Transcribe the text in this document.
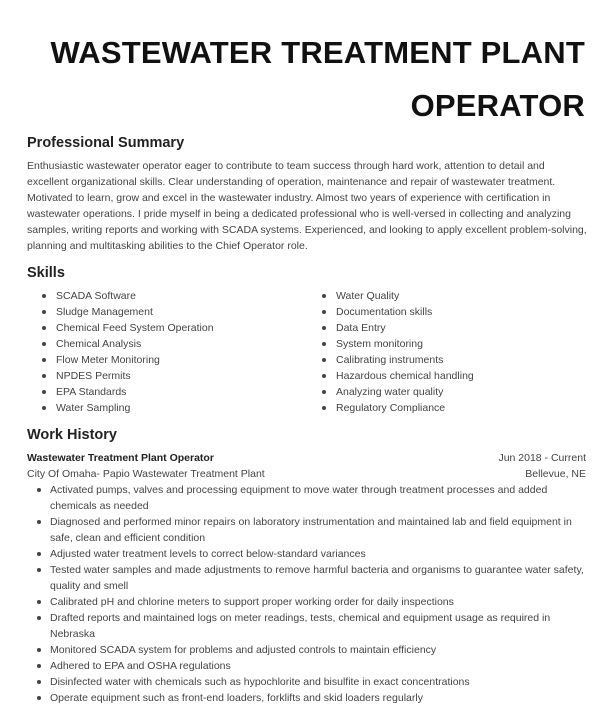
WASTEWATER TREATMENT PLANT
OPERATOR
Professional Summary

Enthusiastic wastewater operator eager to contribute to team success through hard work, attention to detail and excellent organizational skills. Clear understanding of operation, maintenance and repair of wastewater treatment. Motivated to learn, grow and excel in the wastewater industry. Almost two years of experience with certification in wastewater operations. I pride myself in being a dedicated professional who is well-versed in collecting and analyzing samples, writing reports and working with SCADA systems. Experienced, and looking to apply excellent problem-solving, planning and multitasking abilities to the Chief Operator role.

Skills
SCADA Software
Sludge Management
Chemical Feed System Operation
Chemical Analysis
Flow Meter Monitoring
NPDES Permits
EPA Standards
Water Sampling
Water Quality
Documentation skills
Data Entry
System monitoring
Calibrating instruments
Hazardous chemical handling
Analyzing water quality
Regulatory Compliance
Work History
Wastewater Treatment Plant Operator	Jun 2018 - Current
City Of Omaha- Papio Wastewater Treatment Plant	Bellevue, NE
Activated pumps, valves and processing equipment to move water through treatment processes and added chemicals as needed
Diagnosed and performed minor repairs on laboratory instrumentation and maintained lab and field equipment in safe, clean and efficient condition
Adjusted water treatment levels to correct below-standard variances
Tested water samples and made adjustments to remove harmful bacteria and organisms to guarantee water safety, quality and smell
Calibrated pH and chlorine meters to support proper working order for daily inspections
Drafted reports and maintained logs on meter readings, tests, chemical and equipment usage as required in Nebraska
Monitored SCADA system for problems and adjusted controls to maintain efficiency
Adhered to EPA and OSHA regulations
Disinfected water with chemicals such as hypochlorite and bisulfite in exact concentrations
Operate equipment such as front-end loaders, forklifts and skid loaders regularly
